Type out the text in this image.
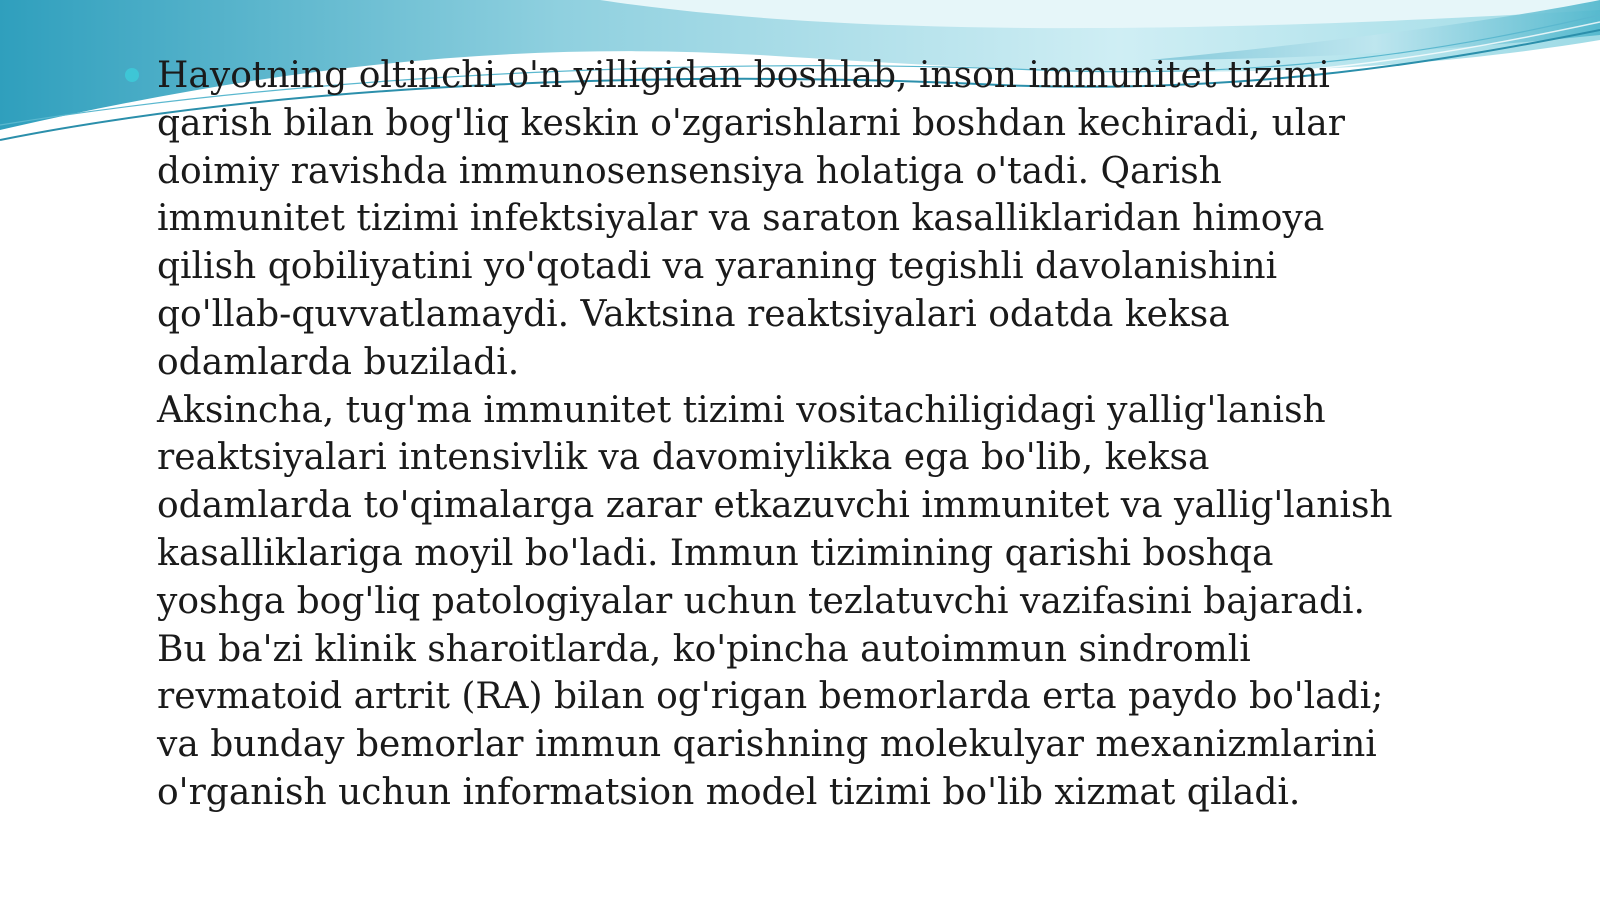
Hayotning oltinchi o'n yilligidan boshlab, inson immunitet tizimi
qarish bilan bog'liq keskin o'zgarishlarni boshdan kechiradi, ular
doimiy ravishda immunosensensiya holatiga o'tadi. Qarish
immunitet tizimi infektsiyalar va saraton kasalliklaridan himoya
qilish qobiliyatini yo'qotadi va yaraning tegishli davolanishini
qo'llab-quvvatlamaydi. Vaktsina reaktsiyalari odatda keksa
odamlarda buziladi.
Aksincha, tug'ma immunitet tizimi vositachiligidagi yallig'lanish
reaktsiyalari intensivlik va davomiylikka ega bo'lib, keksa
odamlarda to'qimalarga zarar etkazuvchi immunitet va yallig'lanish
kasalliklariga moyil bo'ladi. Immun tizimining qarishi boshqa
yoshga bog'liq patologiyalar uchun tezlatuvchi vazifasini bajaradi.
Bu ba'zi klinik sharoitlarda, ko'pincha autoimmun sindromli
revmatoid artrit (RA) bilan og'rigan bemorlarda erta paydo bo'ladi;
va bunday bemorlar immun qarishning molekulyar mexanizmlarini
o'rganish uchun informatsion model tizimi bo'lib xizmat qiladi.
